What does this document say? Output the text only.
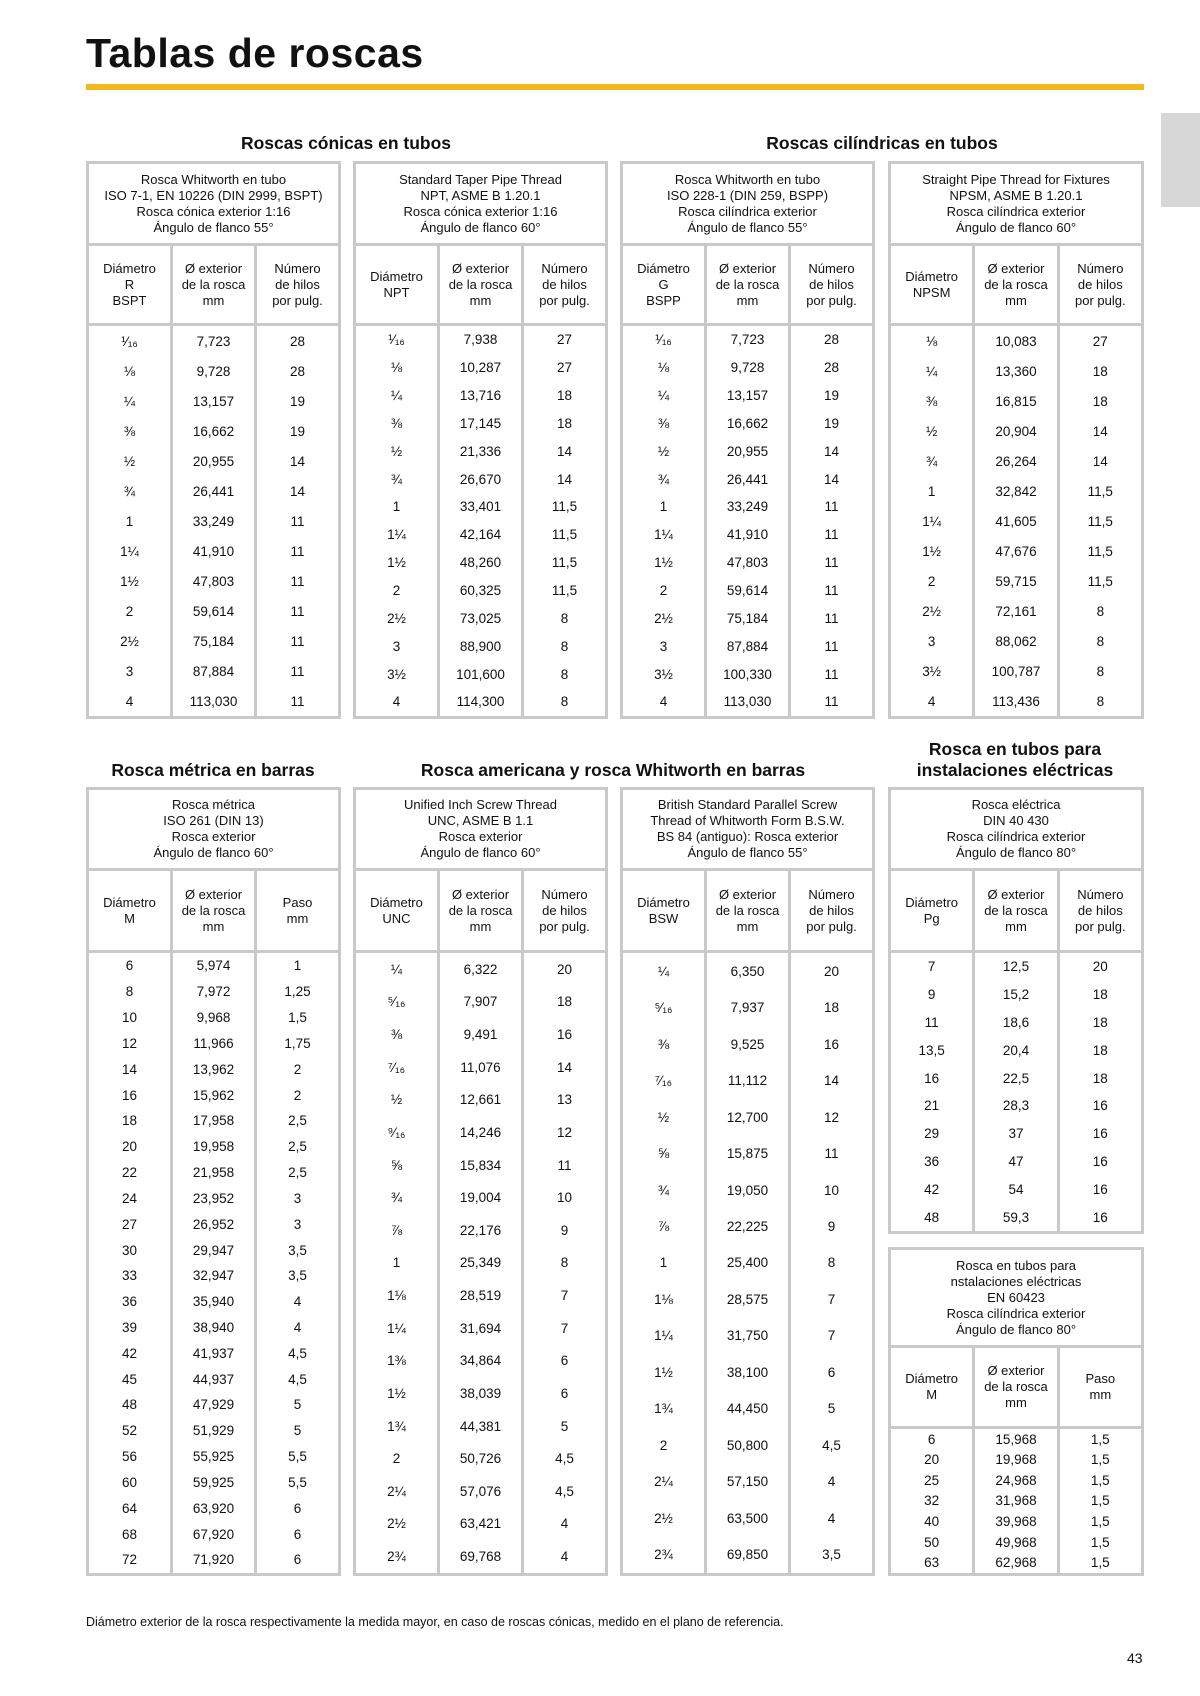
Tablas de roscas
Roscas cónicas en tubos	Roscas cilíndricas en tubos
Rosca métrica en barras	Rosca americana y rosca Whitworth en barras
Rosca en tubos para
instalaciones eléctricas
Rosca Whitworth en tubo
ISO 7-1, EN 10226 (DIN 2999, BSPT)
Rosca cónica exterior 1:16
Ángulo de flanco 55°
Diámetro
R
BSPT
Ø exterior
de la rosca
mm
Número
de hilos
por pulg.
¹⁄₁₆
⅛
¼
⅜
½
¾
1
1¼
1½
2
2½
3
4
7,723
9,728
13,157
16,662
20,955
26,441
33,249
41,910
47,803
59,614
75,184
87,884
113,030
28
28
19
19
14
14
11
11
11
11
11
11
11
Standard Taper Pipe Thread
NPT, ASME B 1.20.1
Rosca cónica exterior 1:16
Ángulo de flanco 60°
Diámetro
NPT
Ø exterior
de la rosca
mm
Número
de hilos
por pulg.
¹⁄₁₆
⅛
¼
⅜
½
¾
1
1¼
1½
2
2½
3
3½
4
7,938
10,287
13,716
17,145
21,336
26,670
33,401
42,164
48,260
60,325
73,025
88,900
101,600
114,300
27
27
18
18
14
14
11,5
11,5
11,5
11,5
8
8
8
8
Rosca Whitworth en tubo
ISO 228-1 (DIN 259, BSPP)
Rosca cilíndrica exterior
Ángulo de flanco 55°
Diámetro
G
BSPP
Ø exterior
de la rosca
mm
Número
de hilos
por pulg.
¹⁄₁₆
⅛
¼
⅜
½
¾
1
1¼
1½
2
2½
3
3½
4
7,723
9,728
13,157
16,662
20,955
26,441
33,249
41,910
47,803
59,614
75,184
87,884
100,330
113,030
28
28
19
19
14
14
11
11
11
11
11
11
11
11
Straight Pipe Thread for Fixtures
NPSM, ASME B 1.20.1
Rosca cilíndrica exterior
Ángulo de flanco 60°
Diámetro
NPSM
Ø exterior
de la rosca
mm
Número
de hilos
por pulg.
⅛
¼
⅜
½
¾
1
1¼
1½
2
2½
3
3½
4
10,083
13,360
16,815
20,904
26,264
32,842
41,605
47,676
59,715
72,161
88,062
100,787
113,436
27
18
18
14
14
11,5
11,5
11,5
11,5
8
8
8
8
Rosca métrica
ISO 261 (DIN 13)
Rosca exterior
Ángulo de flanco 60°
Diámetro
M
Ø exterior
de la rosca
mm
Paso
mm
6
8
10
12
14
16
18
20
22
24
27
30
33
36
39
42
45
48
52
56
60
64
68
72
5,974
7,972
9,968
11,966
13,962
15,962
17,958
19,958
21,958
23,952
26,952
29,947
32,947
35,940
38,940
41,937
44,937
47,929
51,929
55,925
59,925
63,920
67,920
71,920
1
1,25
1,5
1,75
2
2
2,5
2,5
2,5
3
3
3,5
3,5
4
4
4,5
4,5
5
5
5,5
5,5
6
6
6
Unified Inch Screw Thread
UNC, ASME B 1.1
Rosca exterior
Ángulo de flanco 60°
Diámetro
UNC
Ø exterior
de la rosca
mm
Número
de hilos
por pulg.
¼
⁵⁄₁₆
⅜
⁷⁄₁₆
½
⁹⁄₁₆
⅝
¾
⅞
1
1⅛
1¼
1⅜
1½
1¾
2
2¼
2½
2¾
6,322
7,907
9,491
11,076
12,661
14,246
15,834
19,004
22,176
25,349
28,519
31,694
34,864
38,039
44,381
50,726
57,076
63,421
69,768
20
18
16
14
13
12
11
10
9
8
7
7
6
6
5
4,5
4,5
4
4
British Standard Parallel Screw
Thread of Whitworth Form B.S.W.
BS 84 (antiguo): Rosca exterior
Ángulo de flanco 55°
Diámetro
BSW
Ø exterior
de la rosca
mm
Número
de hilos
por pulg.
¼
⁵⁄₁₆
⅜
⁷⁄₁₆
½
⅝
¾
⅞
1
1⅛
1¼
1½
1¾
2
2¼
2½
2¾
6,350
7,937
9,525
11,112
12,700
15,875
19,050
22,225
25,400
28,575
31,750
38,100
44,450
50,800
57,150
63,500
69,850
20
18
16
14
12
11
10
9
8
7
7
6
5
4,5
4
4
3,5
Rosca eléctrica
DIN 40 430
Rosca cilíndrica exterior
Ángulo de flanco 80°
Diámetro
Pg
Ø exterior
de la rosca
mm
Número
de hilos
por pulg.
7
9
11
13,5
16
21
29
36
42
48
12,5
15,2
18,6
20,4
22,5
28,3
37
47
54
59,3
20
18
18
18
18
16
16
16
16
16
Rosca en tubos para
nstalaciones eléctricas
EN 60423
Rosca cilíndrica exterior
Ángulo de flanco 80°
Diámetro
M
Ø exterior
de la rosca
mm
Paso
mm
6
20
25
32
40
50
63
15,968
19,968
24,968
31,968
39,968
49,968
62,968
1,5
1,5
1,5
1,5
1,5
1,5
1,5
Diámetro exterior de la rosca respectivamente la medida mayor, en caso de roscas cónicas, medido en el plano de referencia.
43
